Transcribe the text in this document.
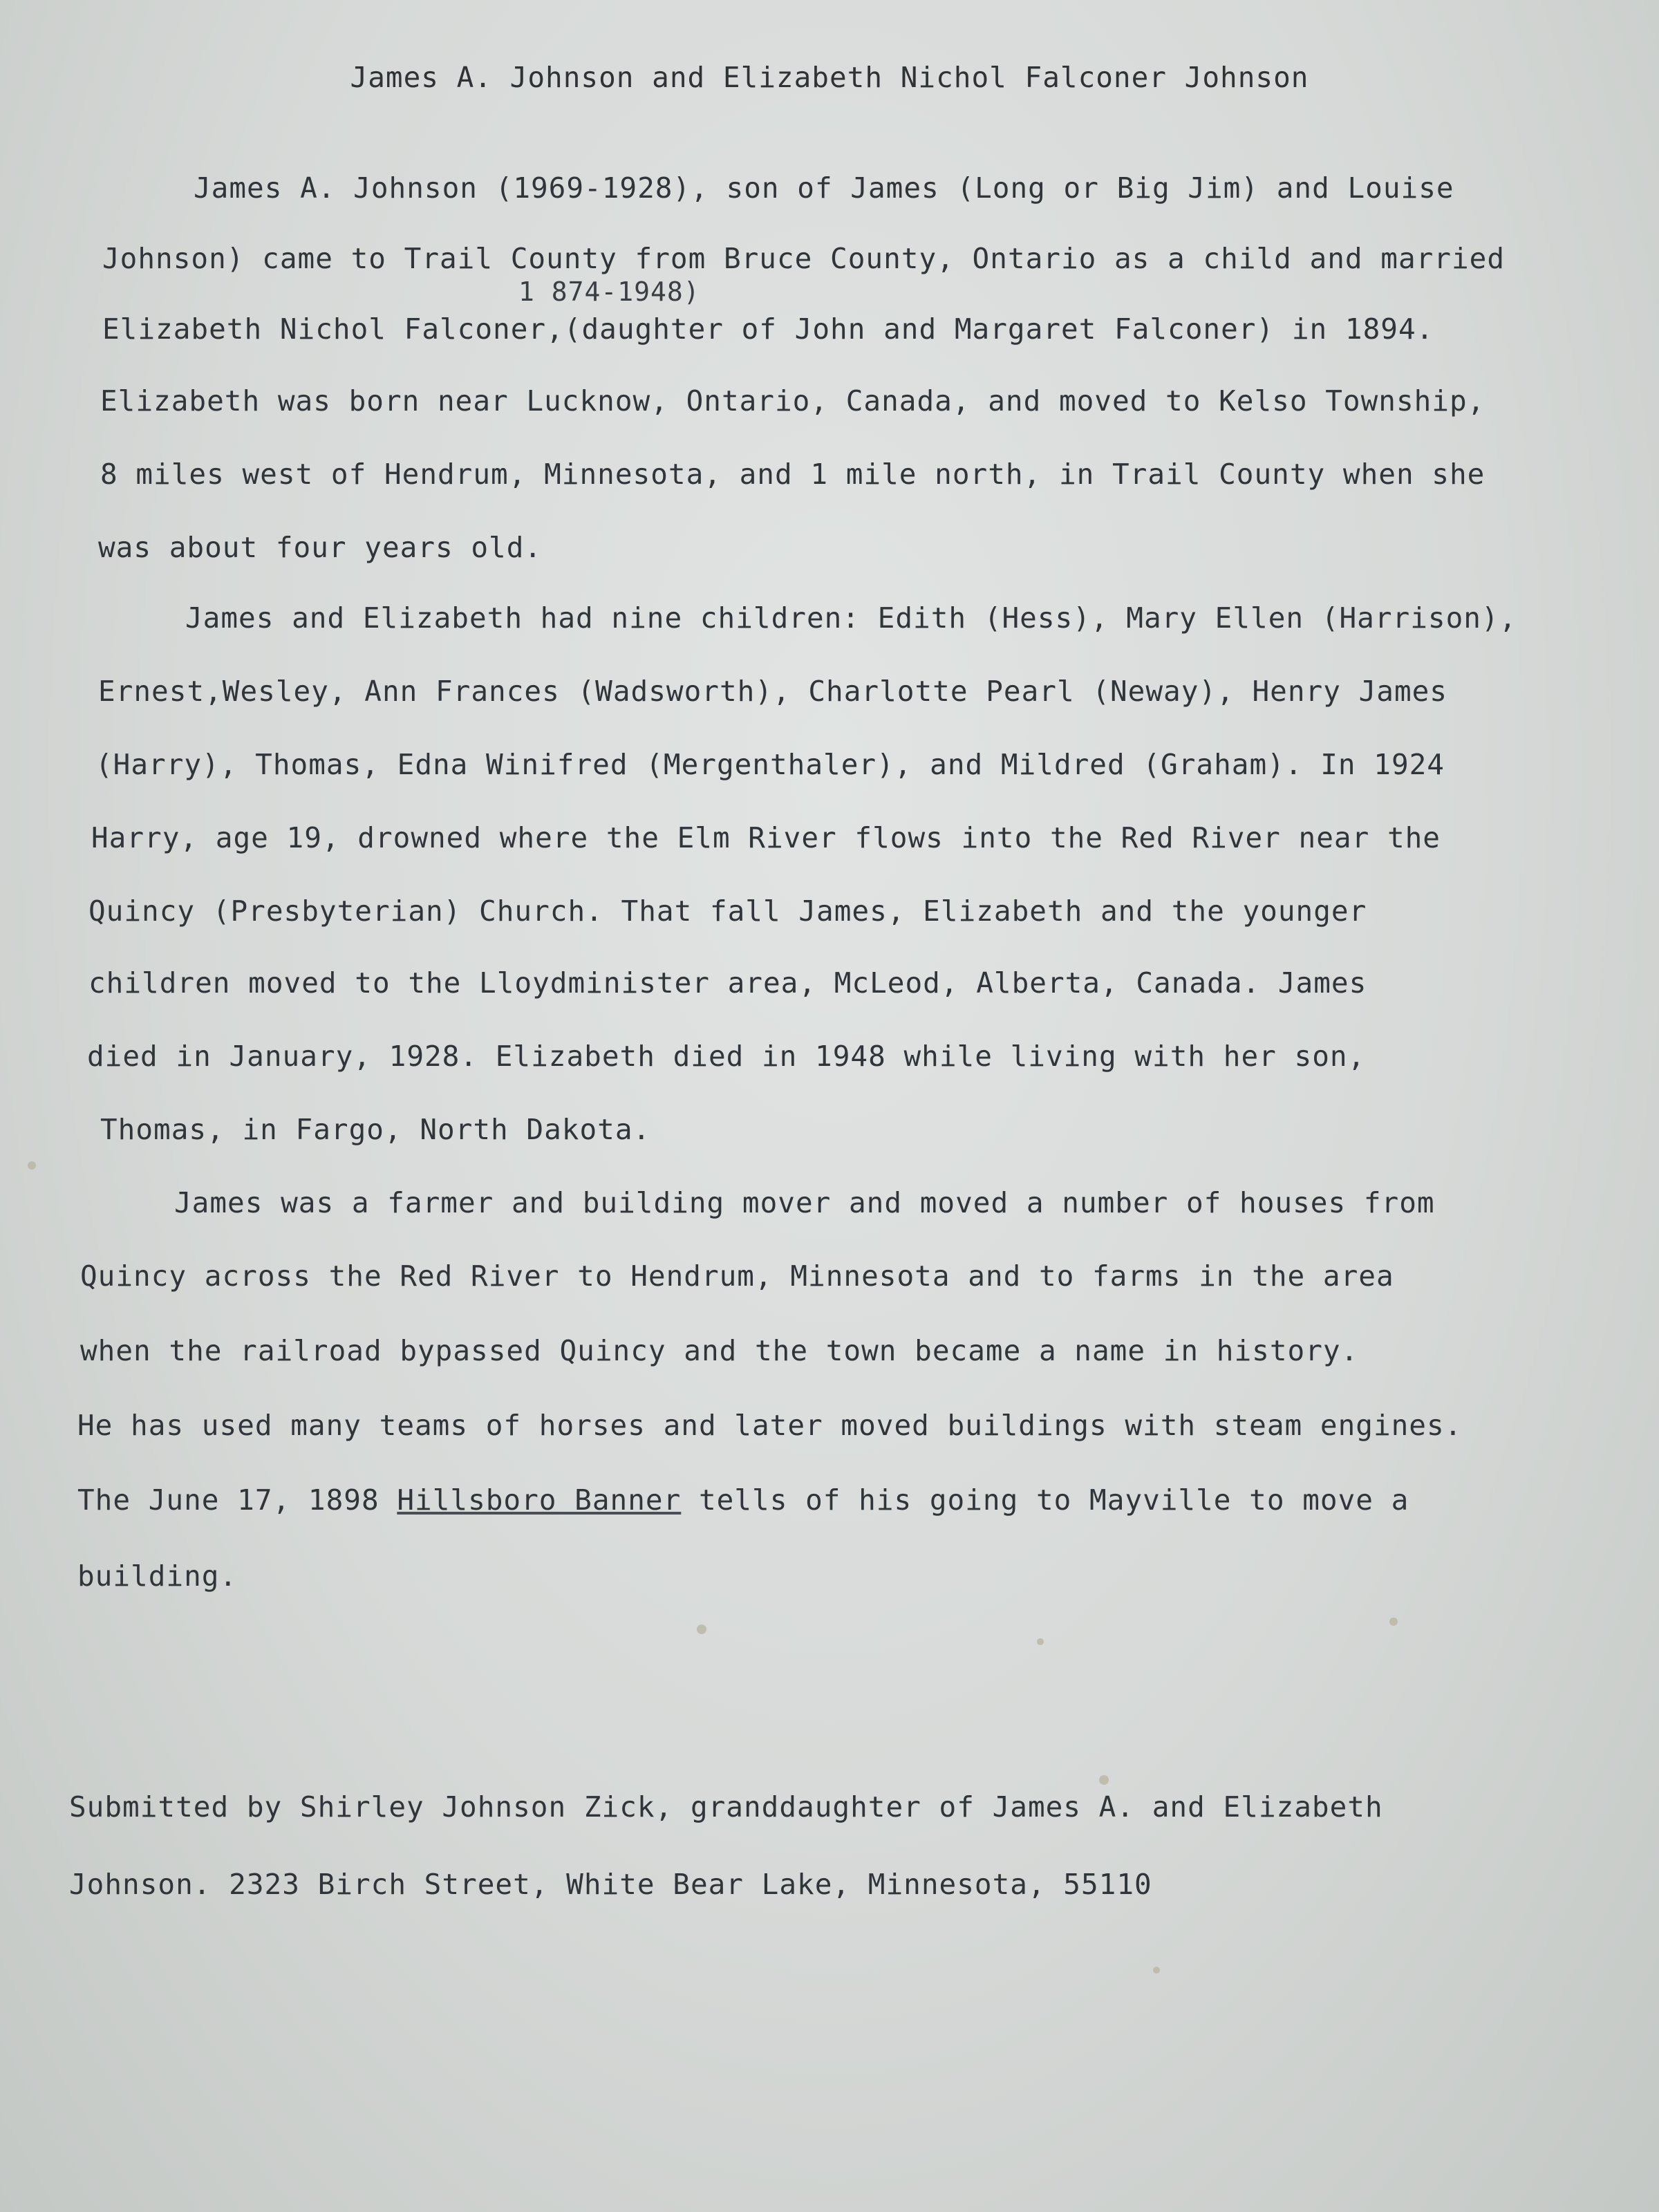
James A. Johnson and Elizabeth Nichol Falconer Johnson
James A. Johnson (1969-1928), son of James (Long or Big Jim) and Louise
Johnson) came to Trail County from Bruce County, Ontario as a child and married
1 874-1948)
Elizabeth Nichol Falconer,(daughter of John and Margaret Falconer) in 1894.
Elizabeth was born near Lucknow, Ontario, Canada, and moved to Kelso Township,
8 miles west of Hendrum, Minnesota, and 1 mile north, in Trail County when she
was about four years old.
James and Elizabeth had nine children: Edith (Hess), Mary Ellen (Harrison),
Ernest,Wesley, Ann Frances (Wadsworth), Charlotte Pearl (Neway), Henry James
(Harry), Thomas, Edna Winifred (Mergenthaler), and Mildred (Graham). In 1924
Harry, age 19, drowned where the Elm River flows into the Red River near the
Quincy (Presbyterian) Church. That fall James, Elizabeth and the younger
children moved to the Lloydminister area, McLeod, Alberta, Canada. James
died in January, 1928. Elizabeth died in 1948 while living with her son,
Thomas, in Fargo, North Dakota.
James was a farmer and building mover and moved a number of houses from
Quincy across the Red River to Hendrum, Minnesota and to farms in the area
when the railroad bypassed Quincy and the town became a name in history.
He has used many teams of horses and later moved buildings with steam engines.
The June 17, 1898 Hillsboro Banner tells of his going to Mayville to move a
building.
Submitted by Shirley Johnson Zick, granddaughter of James A. and Elizabeth
Johnson. 2323 Birch Street, White Bear Lake, Minnesota, 55110
